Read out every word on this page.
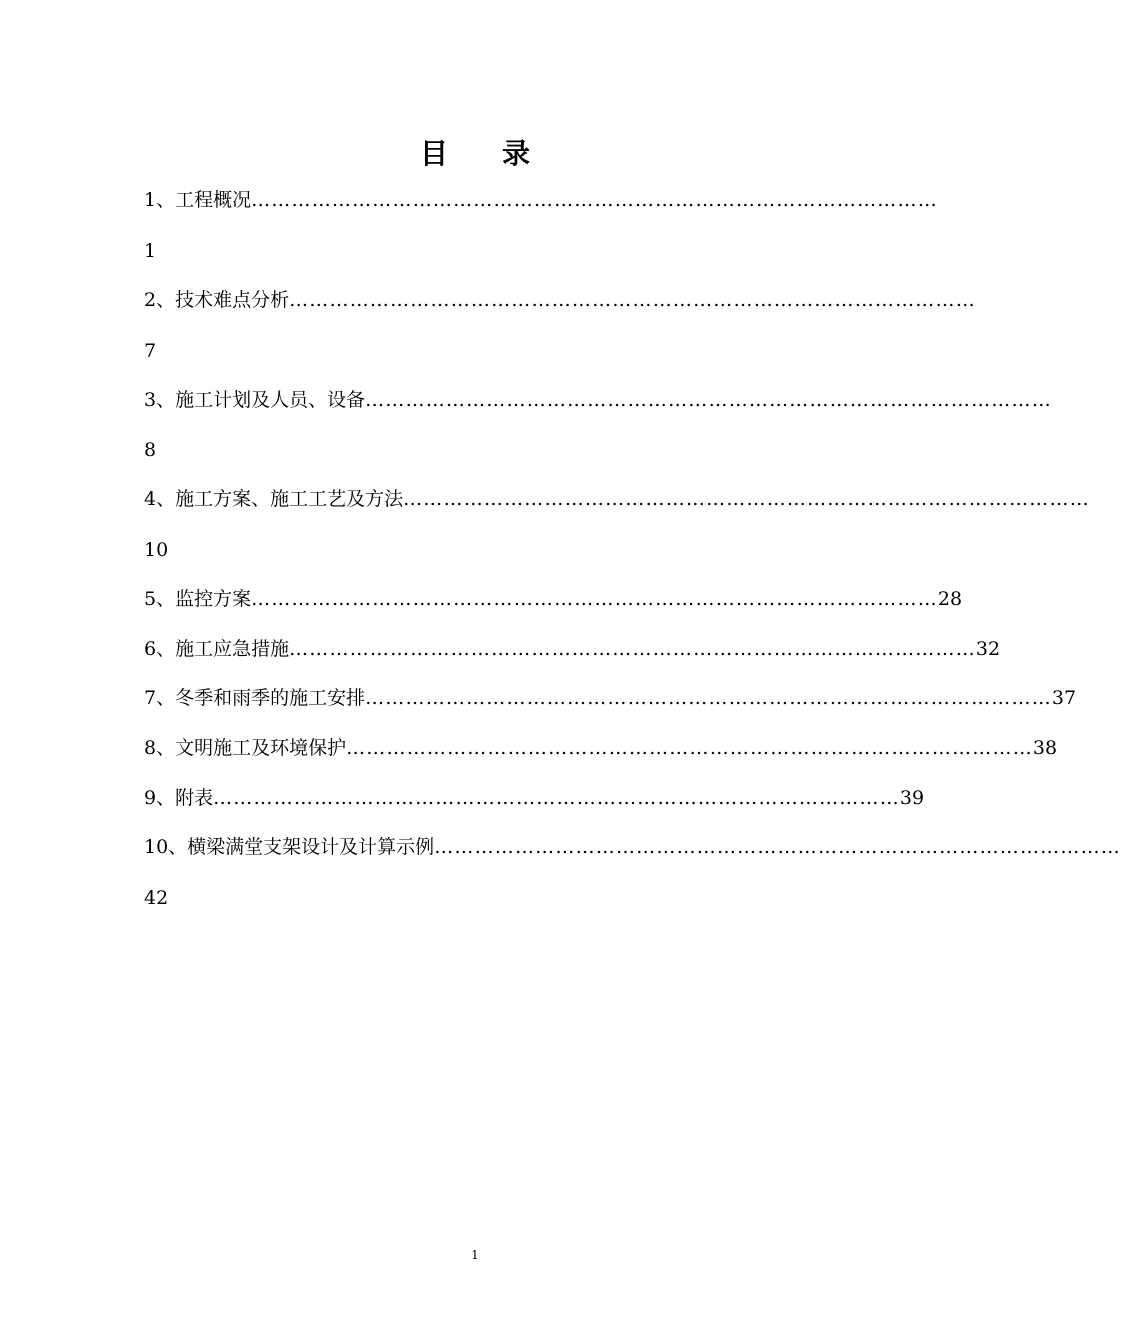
目 录
1、工程概况 …………………………………………………………………………………………
1
2、技术难点分析 …………………………………………………………………………………………
7
3、施工计划及人员、设备 …………………………………………………………………………………………
8
4、施工方案、施工工艺及方法 …………………………………………………………………………………………
10
5、监控方案 ………………………………………………………………………………………… 28
6、施工应急措施 ………………………………………………………………………………………… 32
7、冬季和雨季的施工安排 ………………………………………………………………………………………… 37
8、文明施工及环境保护 ………………………………………………………………………………………… 38
9、附表 ………………………………………………………………………………………… 39
10、横梁满堂支架设计及计算示例 …………………………………………………………………………………………
42
1
